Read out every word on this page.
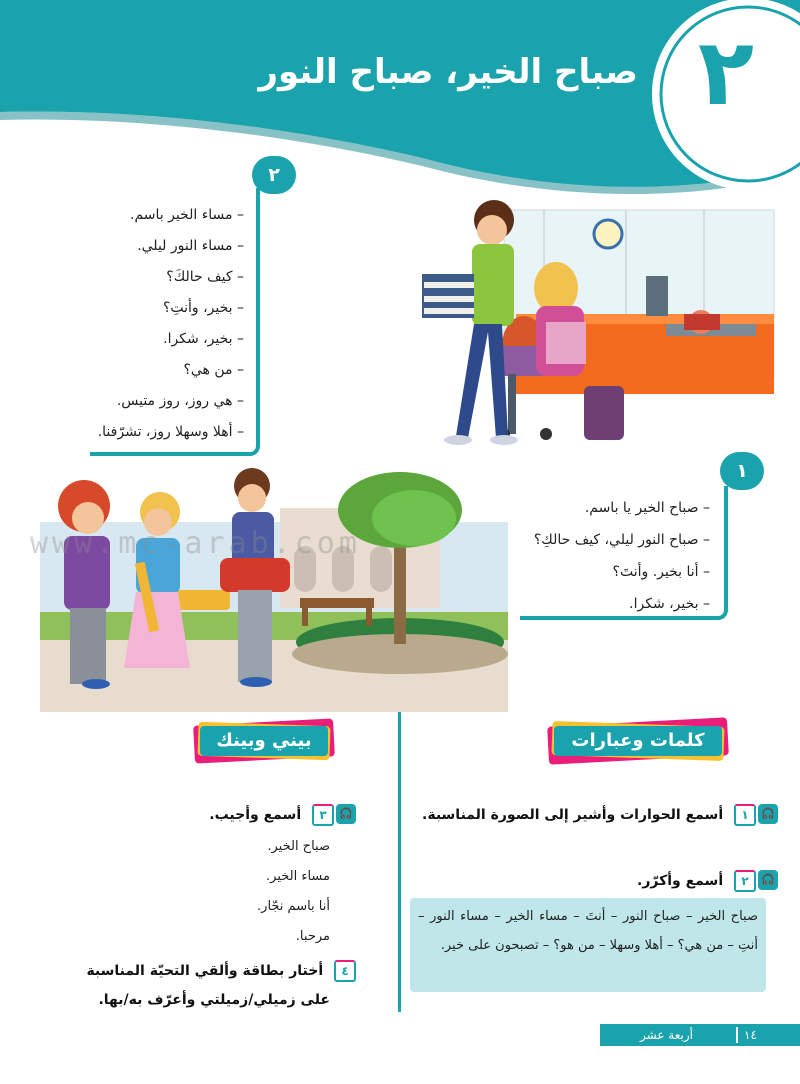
٢
صباح الخير، صباح النور
– مساء الخير باسم.
– مساء النور ليلي.
– كيف حالكَ؟
– بخير، وأنتِ؟
– بخير، شكرا.
– من هي؟
– هي روز، روز متيس.
– أهلا وسهلا روز، تشرّفنا.
٢
– صباح الخير يا باسم.
– صباح النور ليلي، كيف حالكِ؟
– أنا بخير. وأنتَ؟
– بخير، شكرا.
١
www.mc-arab.com
كلمات وعبارات
بيني وبينك
🎧
١
أسمع الحوارات وأشير إلى الصورة المناسبة.
🎧
٢
أسمع وأكرّر.
صباح الخير – صباح النور – أنتَ – مساء الخير – مساء النور – أنتِ – من هي؟ – أهلا وسهلا – من هو؟ – تصبحون على خير.
🎧
٣
أسمع وأجيب.
صباح الخير.
مساء الخير.
أنا باسم نجّار.
مرحبا.
٤
أختار بطاقة وألقي التحيّة المناسبة
على زميلي/زميلتي وأعرّف به/بها.
١٤
أربعة عشر
